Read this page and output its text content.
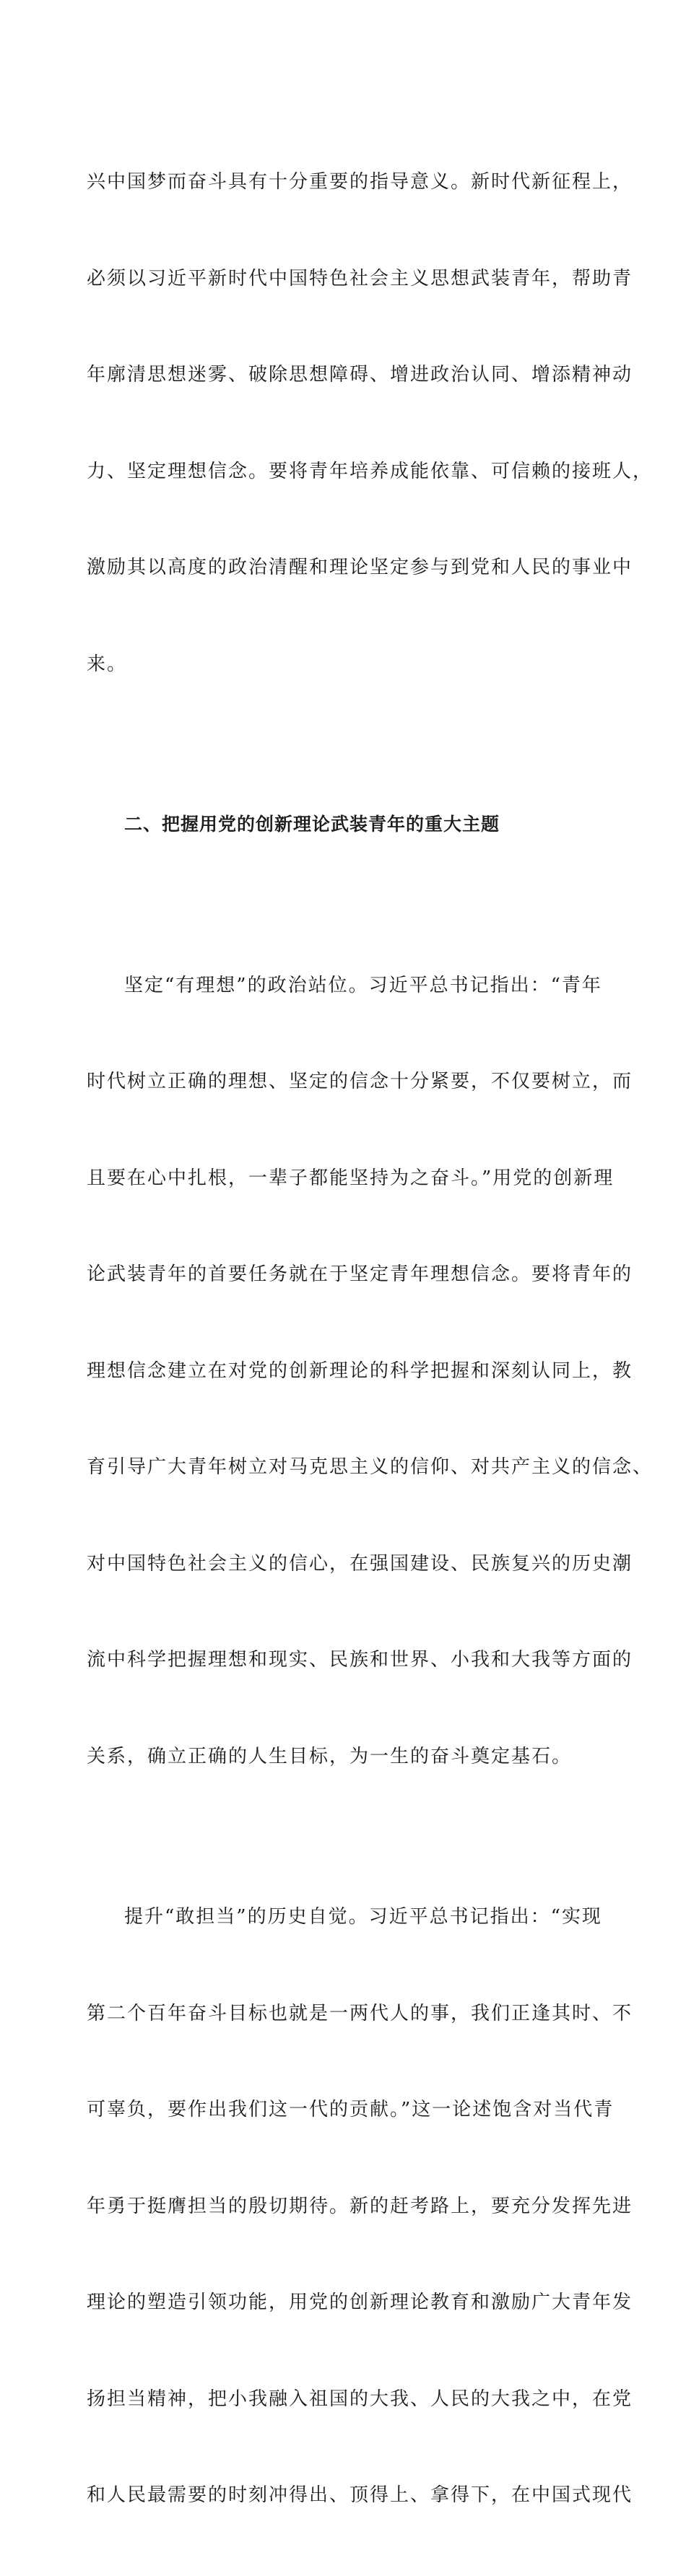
兴中国梦而奋斗具有十分重要的指导意义。新时代新征程上，

必须以习近平新时代中国特色社会主义思想武装青年，帮助青

年廓清思想迷雾、破除思想障碍、增进政治认同、增添精神动

力、坚定理想信念。要将青年培养成能依靠、可信赖的接班人，

激励其以高度的政治清醒和理论坚定参与到党和人民的事业中

来。

二、把握用党的创新理论武装青年的重大主题

坚定“有理想”的政治站位。习近平总书记指出：“青年

时代树立正确的理想、坚定的信念十分紧要，不仅要树立，而

且要在心中扎根，一辈子都能坚持为之奋斗。”用党的创新理

论武装青年的首要任务就在于坚定青年理想信念。要将青年的

理想信念建立在对党的创新理论的科学把握和深刻认同上，教

育引导广大青年树立对马克思主义的信仰、对共产主义的信念、

对中国特色社会主义的信心，在强国建设、民族复兴的历史潮

流中科学把握理想和现实、民族和世界、小我和大我等方面的

关系，确立正确的人生目标，为一生的奋斗奠定基石。

提升“敢担当”的历史自觉。习近平总书记指出：“实现

第二个百年奋斗目标也就是一两代人的事，我们正逢其时、不

可辜负，要作出我们这一代的贡献。”这一论述饱含对当代青

年勇于挺膺担当的殷切期待。新的赶考路上，要充分发挥先进

理论的塑造引领功能，用党的创新理论教育和激励广大青年发

扬担当精神，把小我融入祖国的大我、人民的大我之中，在党

和人民最需要的时刻冲得出、顶得上、拿得下，在中国式现代
